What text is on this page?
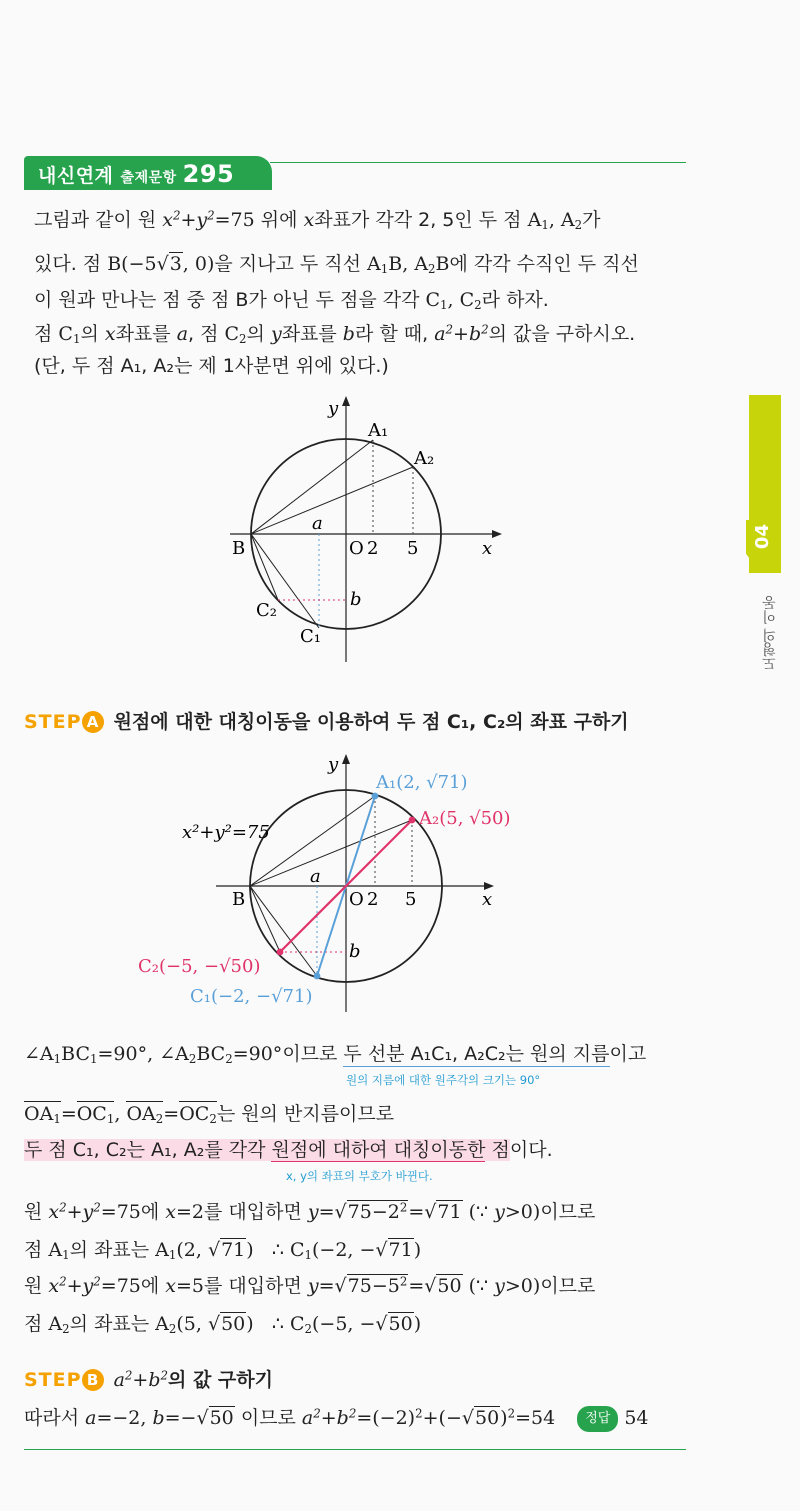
내신연계 출제문항 295
04
도형의 이동
그림과 같이 원 $x^2+y^2=75$ 위에 x좌표가 각각 2, 5인 두 점 $A_1$, $A_2$가
있다. 점 B(−5√3, 0)을 지나고 두 직선 $A_1B$, $A_2B$에 각각 수직인 두 직선
이 원과 만나는 점 중 점 B가 아닌 두 점을 각각 $C_1$, $C_2$라 하자.
점 $C_1$의 x좌표를 a, 점 $C_2$의 y좌표를 b라 할 때, $a^2+b^2$의 값을 구하시오.
(단, 두 점 A₁, A₂는 제 1사분면 위에 있다.)
y
A₁
A₂
B	O 2 5	x
a
b
C₂
C₁
STEP A 원점에 대한 대칭이동을 이용하여 두 점 C₁, C₂의 좌표 구하기
y
x²+y²=75
A₁(2, √71)
A₂(5, √50)
B	O 2 5	x
a
b
C₂(−5, −√50)
C₁(−2, −√71)
$\angle A_1BC_1=90^\circ$, $\angle A_2BC_2=90^\circ$이므로 두 선분 A₁C₁, A₂C₂는 원의 지름이고
원의 지름에 대한 원주각의 크기는 90°
$OA_1=OC_1$, $OA_2=OC_2$는 원의 반지름이므로
두 점 C₁, C₂는 A₁, A₂를 각각 원점에 대하여 대칭이동한 점이다.
x, y의 좌표의 부호가 바뀐다.
원 $x^2+y^2=75$에 x=2를 대입하면 $y=√75-2^2=√71$ (∵ y>0)이므로
점 $A_1$의 좌표는 $A_1(2$, √71)   ∴ $C_1(-2$, −√71)
원 $x^2+y^2=75$에 x=5를 대입하면 $y=√75-5^2=√50$ (∵ y>0)이므로
점 $A_2$의 좌표는 $A_2(5$, √50)   ∴ $C_2(-5$, −√50)
STEP B $a^2+b^2$의 값 구하기
따라서 a=−2, b=−√50 이므로 $a^2+b^2=(-2)^2+(-√50)^2=54$ 정답 54
